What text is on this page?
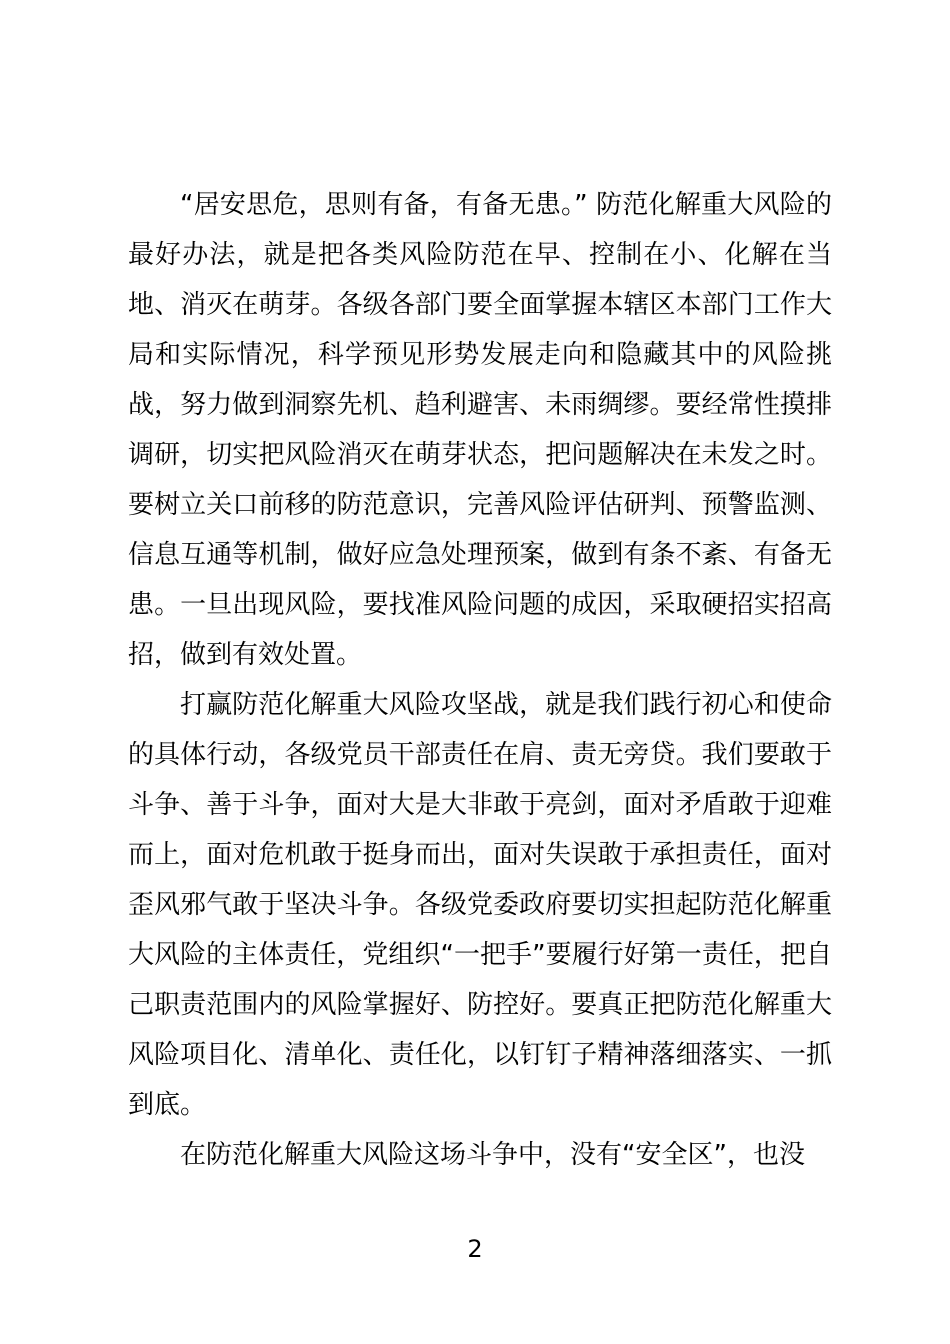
“居安思危，思则有备，有备无患。” 防范化解重大风险的最好办法，就是把各类风险防范在早、控制在小、化解在当地、消灭在萌芽。各级各部门要全面掌握本辖区本部门工作大局和实际情况，科学预见形势发展走向和隐藏其中的风险挑战，努力做到洞察先机、趋利避害、未雨绸缪。要经常性摸排调研，切实把风险消灭在萌芽状态，把问题解决在未发之时。要树立关口前移的防范意识，完善风险评估研判、预警监测、信息互通等机制，做好应急处理预案，做到有条不紊、有备无患。一旦出现风险，要找准风险问题的成因，采取硬招实招高招，做到有效处置。

打赢防范化解重大风险攻坚战，就是我们践行初心和使命的具体行动，各级党员干部责任在肩、责无旁贷。我们要敢于斗争、善于斗争，面对大是大非敢于亮剑，面对矛盾敢于迎难而上，面对危机敢于挺身而出，面对失误敢于承担责任，面对歪风邪气敢于坚决斗争。各级党委政府要切实担起防范化解重大风险的主体责任，党组织“一把手”要履行好第一责任，把自己职责范围内的风险掌握好、防控好。要真正把防范化解重大风险项目化、清单化、责任化，以钉钉子精神落细落实、一抓到底。

在防范化解重大风险这场斗争中，没有“安全区”，也没

2
